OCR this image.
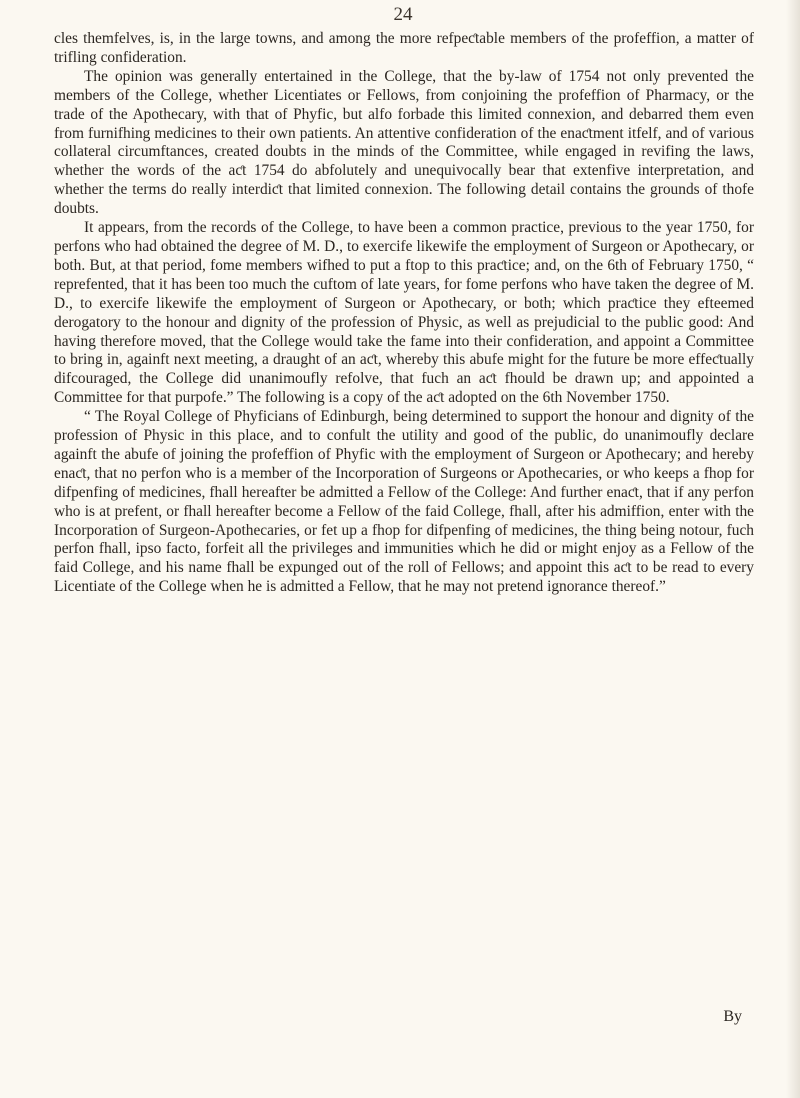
24

cles themfelves, is, in the large towns, and among the more refpeƈtable members of the profeffion, a matter of trifling confideration.

The opinion was generally entertained in the College, that the by-law of 1754 not only prevented the members of the College, whether Licentiates or Fellows, from conjoining the profeffion of Pharmacy, or the trade of the Apothecary, with that of Phyfic, but alfo forbade this limited connexion, and debarred them even from furnifhing medicines to their own patients. An attentive confideration of the enaƈtment itfelf, and of various collateral circumftances, created doubts in the minds of the Committee, while engaged in revifing the laws, whether the words of the aƈt 1754 do abfolutely and unequivocally bear that extenfive interpretation, and whether the terms do really interdiƈt that limited connexion. The following detail contains the grounds of thofe doubts.

It appears, from the records of the College, to have been a common practice, previous to the year 1750, for perfons who had obtained the degree of M. D., to exercife likewife the employment of Surgeon or Apothecary, or both. But, at that period, fome members wifhed to put a ftop to this praƈtice; and, on the 6th of February 1750, “ reprefented, that it has been too much the cuftom of late years, for fome perfons who have taken the degree of M. D., to exercife likewife the employment of Surgeon or Apothecary, or both; which praƈtice they efteemed derogatory to the honour and dignity of the profession of Physic, as well as prejudicial to the public good: And having therefore moved, that the College would take the fame into their confideration, and appoint a Committee to bring in, againft next meeting, a draught of an aƈt, whereby this abufe might for the future be more effeƈtually difcouraged, the College did unanimoufly refolve, that fuch an aƈt fhould be drawn up; and appointed a Committee for that purpofe.” The following is a copy of the aƈt adopted on the 6th November 1750.

“ The Royal College of Phyficians of Edinburgh, being determined to support the honour and dignity of the profession of Physic in this place, and to confult the utility and good of the public, do unanimoufly declare againft the abufe of joining the profeffion of Phyfic with the employment of Surgeon or Apothecary; and hereby enaƈt, that no perfon who is a member of the Incorporation of Surgeons or Apothecaries, or who keeps a fhop for difpenfing of medicines, fhall hereafter be admitted a Fellow of the College: And further enaƈt, that if any perfon who is at prefent, or fhall hereafter become a Fellow of the faid College, fhall, after his admiffion, enter with the Incorporation of Surgeon-Apothecaries, or fet up a fhop for difpenfing of medicines, the thing being notour, fuch perfon fhall, ipso facto, forfeit all the privileges and immunities which he did or might enjoy as a Fellow of the faid College, and his name fhall be expunged out of the roll of Fellows; and appoint this aƈt to be read to every Licentiate of the College when he is admitted a Fellow, that he may not pretend ignorance thereof.”

By
